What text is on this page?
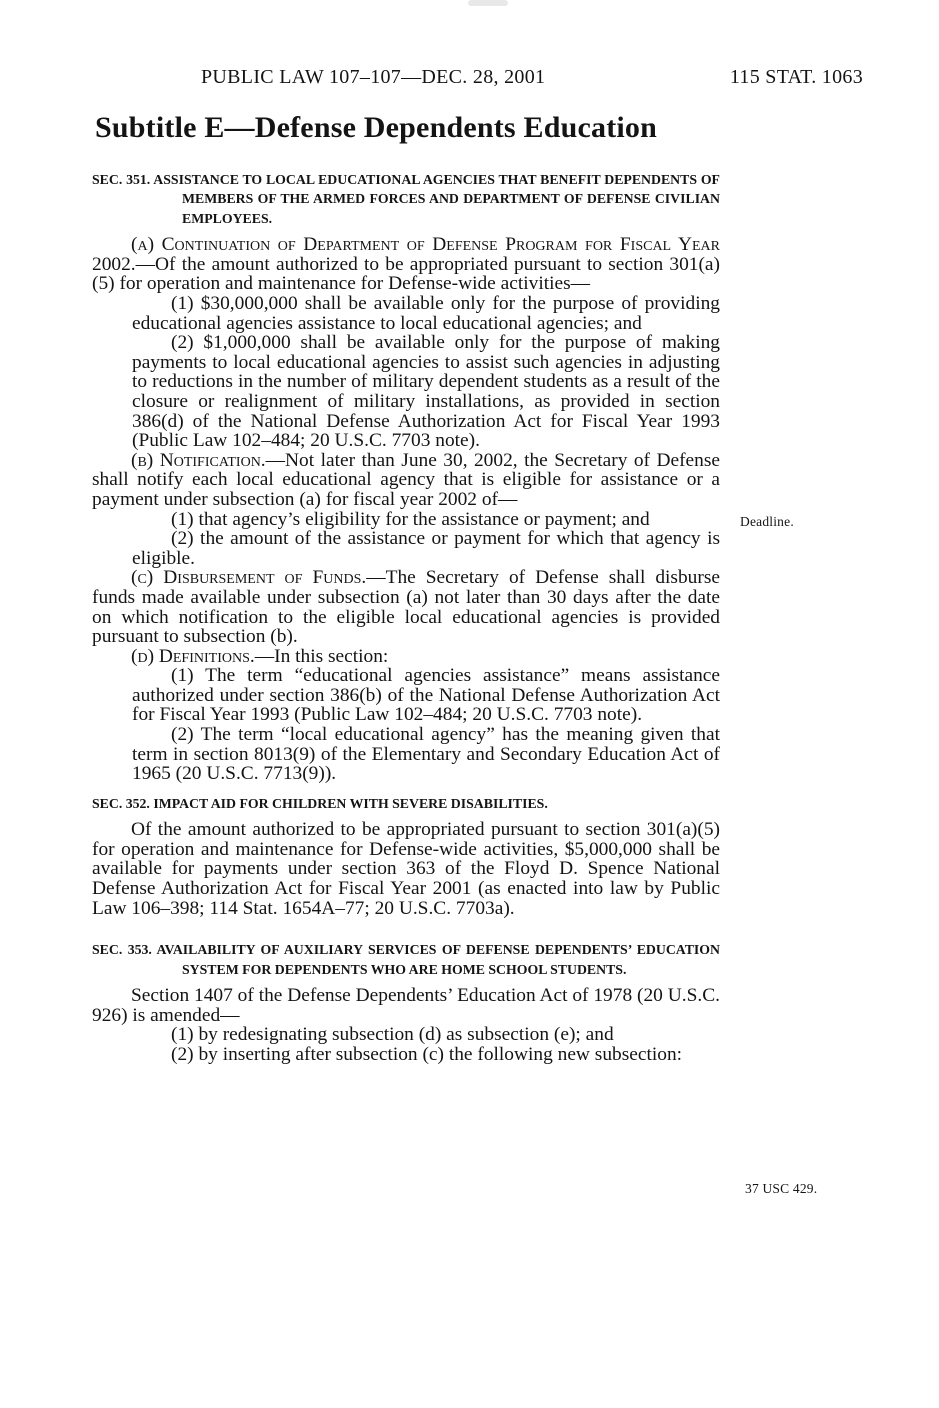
PUBLIC LAW 107–107—DEC. 28, 2001	115 STAT. 1063
Subtitle E—Defense Dependents Education

SEC. 351. ASSISTANCE TO LOCAL EDUCATIONAL AGENCIES THAT BENEFIT DEPENDENTS OF MEMBERS OF THE ARMED FORCES AND DEPARTMENT OF DEFENSE CIVILIAN EMPLOYEES.

(a) Continuation of Department of Defense Program for Fiscal Year 2002.—Of the amount authorized to be appropriated pursuant to section 301(a)(5) for operation and maintenance for Defense-wide activities—

(1) $30,000,000 shall be available only for the purpose of providing educational agencies assistance to local educational agencies; and

(2) $1,000,000 shall be available only for the purpose of making payments to local educational agencies to assist such agencies in adjusting to reductions in the number of military dependent students as a result of the closure or realignment of military installations, as provided in section 386(d) of the National Defense Authorization Act for Fiscal Year 1993 (Public Law 102–484; 20 U.S.C. 7703 note).

(b) Notification.—Not later than June 30, 2002, the Secretary of Defense shall notify each local educational agency that is eligible for assistance or a payment under subsection (a) for fiscal year 2002 of—

(1) that agency’s eligibility for the assistance or payment; and

(2) the amount of the assistance or payment for which that agency is eligible.

(c) Disbursement of Funds.—The Secretary of Defense shall disburse funds made available under subsection (a) not later than 30 days after the date on which notification to the eligible local educational agencies is provided pursuant to subsection (b).

(d) Definitions.—In this section:

(1) The term “educational agencies assistance” means assistance authorized under section 386(b) of the National Defense Authorization Act for Fiscal Year 1993 (Public Law 102–484; 20 U.S.C. 7703 note).

(2) The term “local educational agency” has the meaning given that term in section 8013(9) of the Elementary and Secondary Education Act of 1965 (20 U.S.C. 7713(9)).

SEC. 352. IMPACT AID FOR CHILDREN WITH SEVERE DISABILITIES.

Of the amount authorized to be appropriated pursuant to section 301(a)(5) for operation and maintenance for Defense-wide activities, $5,000,000 shall be available for payments under section 363 of the Floyd D. Spence National Defense Authorization Act for Fiscal Year 2001 (as enacted into law by Public Law 106–398; 114 Stat. 1654A–77; 20 U.S.C. 7703a).

SEC. 353. AVAILABILITY OF AUXILIARY SERVICES OF DEFENSE DEPENDENTS’ EDUCATION SYSTEM FOR DEPENDENTS WHO ARE HOME SCHOOL STUDENTS.

Section 1407 of the Defense Dependents’ Education Act of 1978 (20 U.S.C. 926) is amended—

(1) by redesignating subsection (d) as subsection (e); and

(2) by inserting after subsection (c) the following new subsection:

Deadline.
37 USC 429.
